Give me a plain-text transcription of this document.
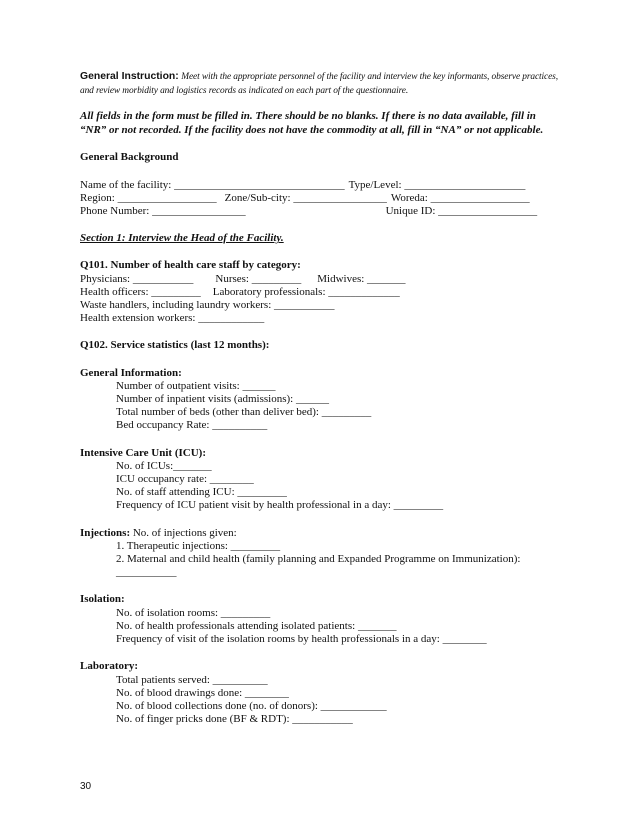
General Instruction: Meet with the appropriate personnel of the facility and interview the key informants, observe practices, and review morbidity and logistics records as indicated on each part of the questionnaire.

All fields in the form must be filled in. There should be no blanks. If there is no data available, fill in “NR” or not recorded. If the facility does not have the commodity at all, fill in “NA” or not applicable.

General Background

Name of the facility: _______________________________ Type/Level: ______________________
Region: __________________ Zone/Sub-city: _________________ Woreda: __________________
Phone Number: _________________	Unique ID: __________________

Section 1: Interview the Head of the Facility.

Q101. Number of health care staff by category:

Physicians: ___________ Nurses: _________ Midwives: _______
Health officers: _________ Laboratory professionals: _____________
Waste handlers, including laundry workers: ___________
Health extension workers: ____________

Q102. Service statistics (last 12 months):

General Information:

Number of outpatient visits: ______
Number of inpatient visits (admissions): ______
Total number of beds (other than deliver bed): _________
Bed occupancy Rate: __________

Intensive Care Unit (ICU):

No. of ICUs:_______
ICU occupancy rate: ________
No. of staff attending ICU: _________
Frequency of ICU patient visit by health professional in a day: _________

Injections: No. of injections given:

1. Therapeutic injections: _________
2. Maternal and child health (family planning and Expanded Programme on Immunization):
___________

Isolation:

No. of isolation rooms: _________
No. of health professionals attending isolated patients: _______
Frequency of visit of the isolation rooms by health professionals in a day: ________

Laboratory:

Total patients served: __________
No. of blood drawings done: ________
No. of blood collections done (no. of donors): ____________
No. of finger pricks done (BF & RDT): ___________
30
